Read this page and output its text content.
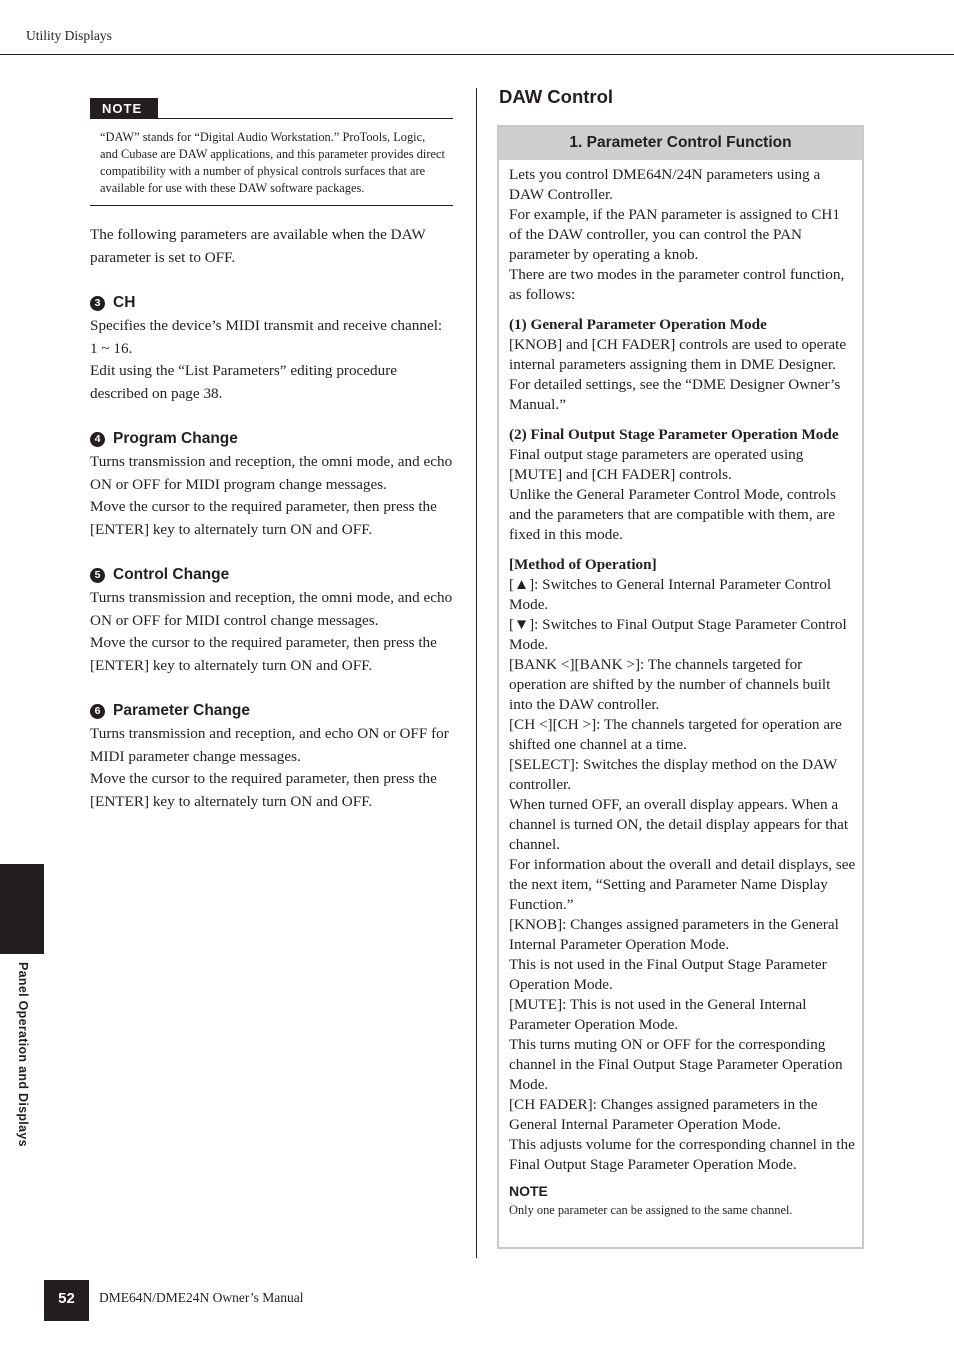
Utility Displays
NOTE
“DAW” stands for “Digital Audio Workstation.” ProTools, Logic, and Cubase are DAW applications, and this parameter provides direct compatibility with a number of physical controls surfaces that are available for use with these DAW software packages.
The following parameters are available when the DAW parameter is set to OFF.
3 CH

Specifies the device’s MIDI transmit and receive channel: 1 ~ 16.

Edit using the “List Parameters” editing procedure described on page 38.

4 Program Change

Turns transmission and reception, the omni mode, and echo ON or OFF for MIDI program change messages.

Move the cursor to the required parameter, then press the [ENTER] key to alternately turn ON and OFF.

5 Control Change

Turns transmission and reception, the omni mode, and echo ON or OFF for MIDI control change messages.

Move the cursor to the required parameter, then press the [ENTER] key to alternately turn ON and OFF.

6 Parameter Change

Turns transmission and reception, and echo ON or OFF for MIDI parameter change messages.

Move the cursor to the required parameter, then press the [ENTER] key to alternately turn ON and OFF.

DAW Control
1. Parameter Control Function

Lets you control DME64N/24N parameters using a DAW Controller.

For example, if the PAN parameter is assigned to CH1 of the DAW controller, you can control the PAN parameter by operating a knob.

There are two modes in the parameter control function, as follows:

(1) General Parameter Operation Mode

[KNOB] and [CH FADER] controls are used to operate internal parameters assigning them in DME Designer.

For detailed settings, see the “DME Designer Owner’s Manual.”

(2) Final Output Stage Parameter Operation Mode

Final output stage parameters are operated using [MUTE] and [CH FADER] controls.

Unlike the General Parameter Control Mode, controls and the parameters that are compatible with them, are fixed in this mode.

[Method of Operation]

[▲]: Switches to General Internal Parameter Control Mode.

[▼]: Switches to Final Output Stage Parameter Control Mode.

[BANK <][BANK >]: The channels targeted for operation are shifted by the number of channels built into the DAW controller.

[CH <][CH >]: The channels targeted for operation are shifted one channel at a time.

[SELECT]: Switches the display method on the DAW controller.

When turned OFF, an overall display appears. When a channel is turned ON, the detail display appears for that channel.

For information about the overall and detail displays, see the next item, “Setting and Parameter Name Display Function.”

[KNOB]: Changes assigned parameters in the General Internal Parameter Operation Mode.

This is not used in the Final Output Stage Parameter Operation Mode.

[MUTE]: This is not used in the General Internal Parameter Operation Mode.

This turns muting ON or OFF for the corresponding channel in the Final Output Stage Parameter Operation Mode.

[CH FADER]: Changes assigned parameters in the General Internal Parameter Operation Mode.

This adjusts volume for the corresponding channel in the Final Output Stage Parameter Operation Mode.

NOTE
Only one parameter can be assigned to the same channel.
Panel Operation and Displays
52	DME64N/DME24N Owner’s Manual
